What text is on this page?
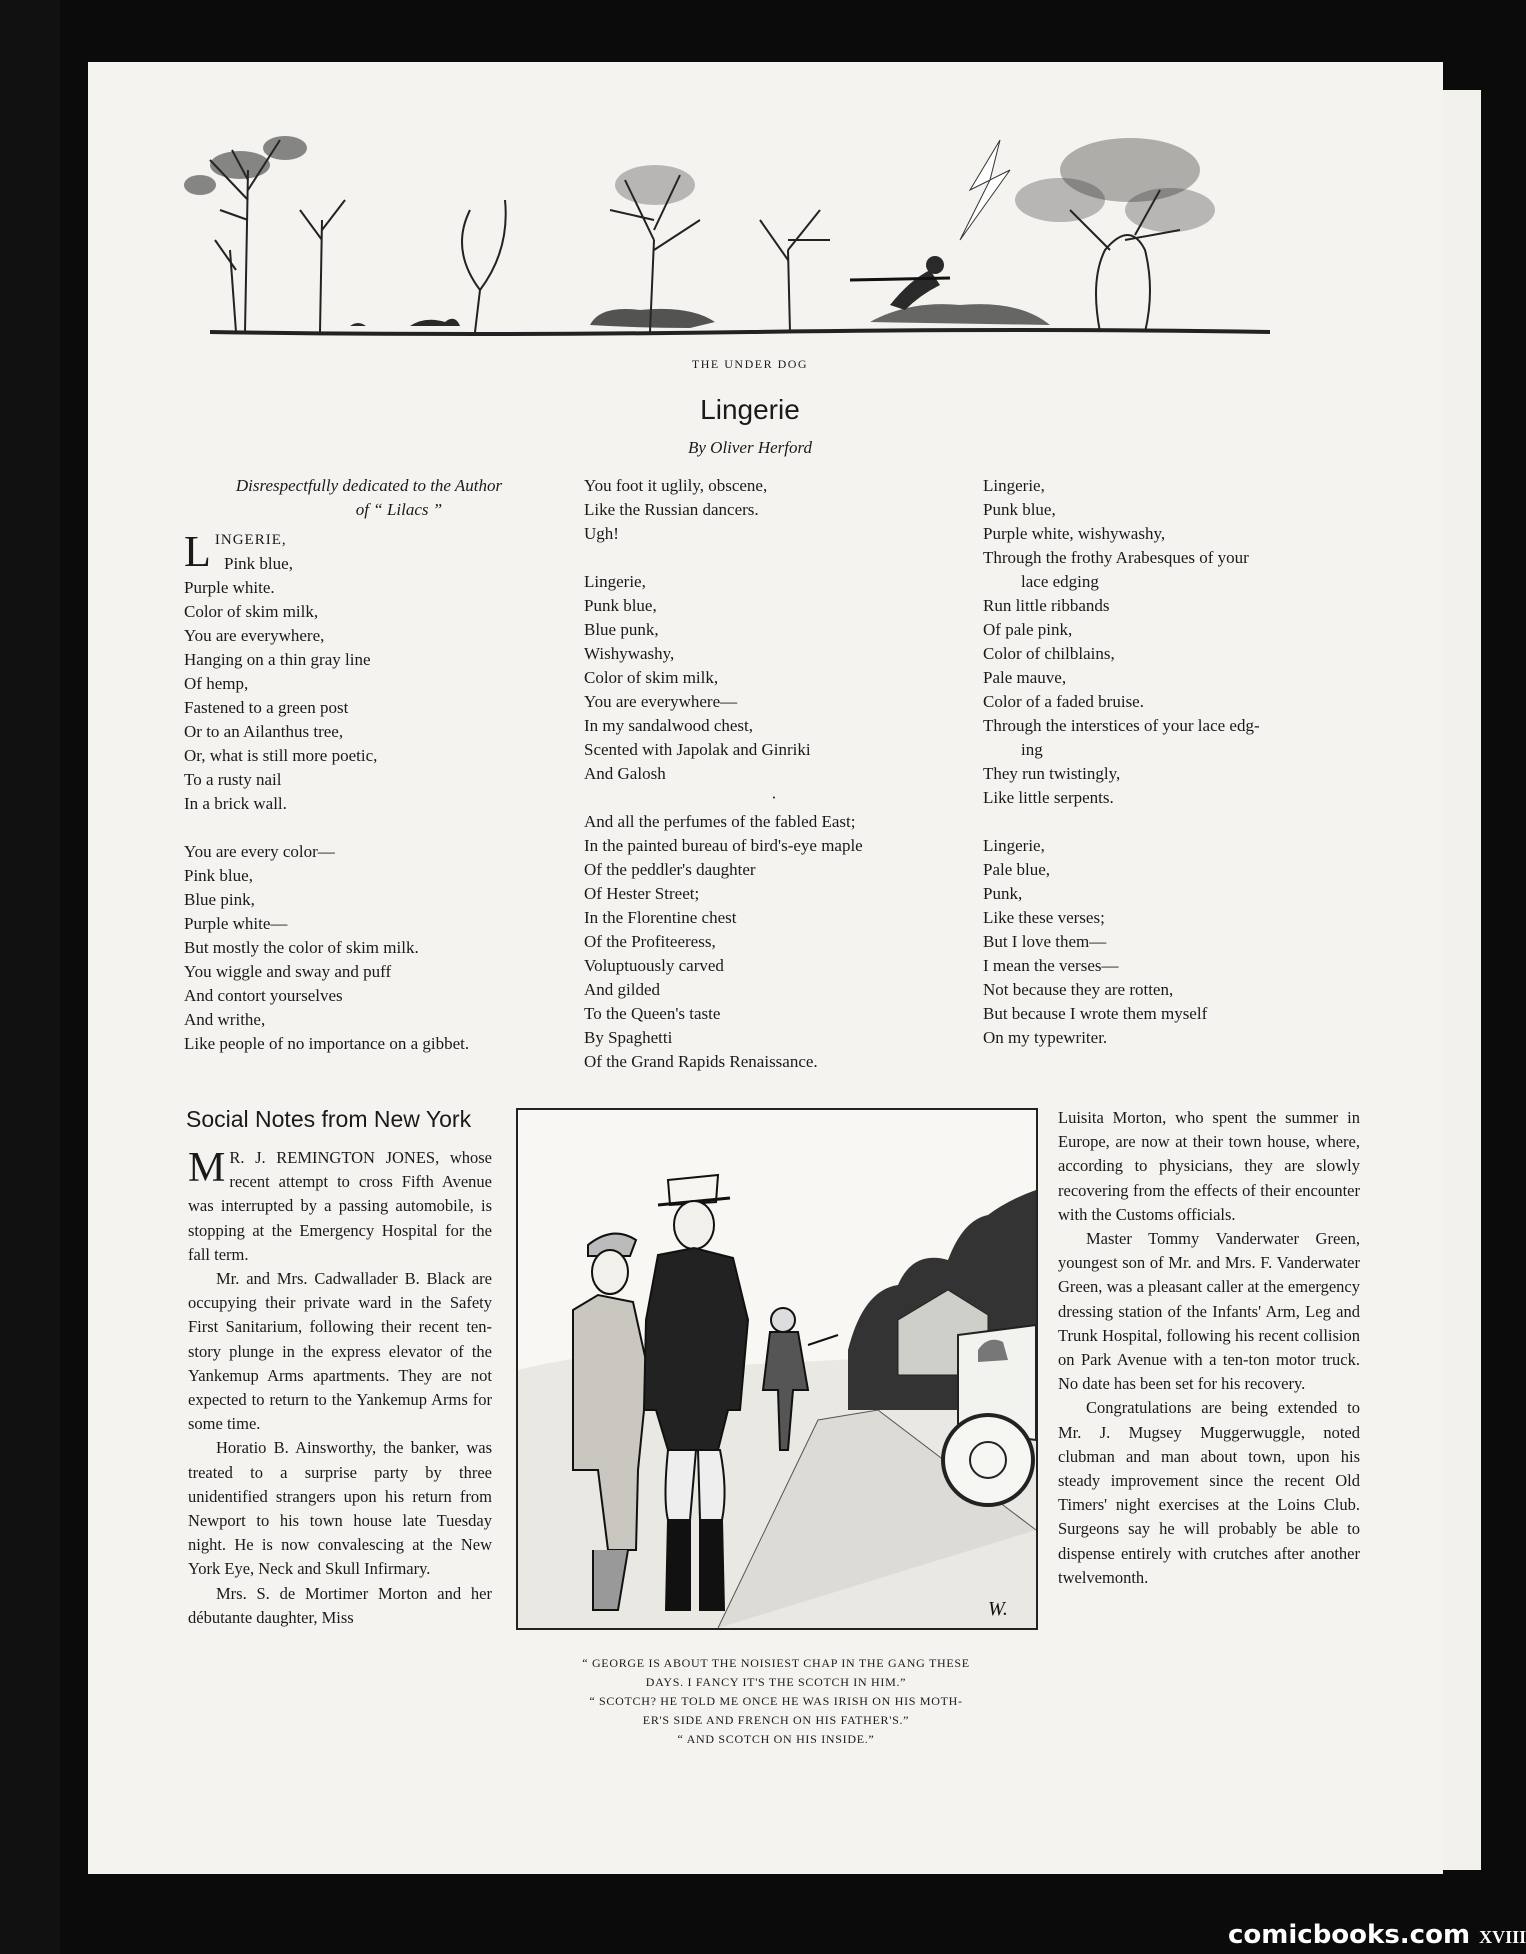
THE UNDER DOG
Lingerie
By Oliver Herford
Disrespectfully dedicated to the Author
of “ Lilacs ”
L INGERIE,
Pink blue,
Purple white.
Color of skim milk,
You are everywhere,
Hanging on a thin gray line
Of hemp,
Fastened to a green post
Or to an Ailanthus tree,
Or, what is still more poetic,
To a rusty nail
In a brick wall.
You are every color—
Pink blue,
Blue pink,
Purple white—
But mostly the color of skim milk.
You wiggle and sway and puff
And contort yourselves
And writhe,
Like people of no importance on a gibbet.
You foot it uglily, obscene,
Like the Russian dancers.
Ugh!
Lingerie,
Punk blue,
Blue punk,
Wishywashy,
Color of skim milk,
You are everywhere—
In my sandalwood chest,
Scented with Japolak and Ginriki
And Galosh
·
And all the perfumes of the fabled East;
In the painted bureau of bird's-eye maple
Of the peddler's daughter
Of Hester Street;
In the Florentine chest
Of the Profiteeress,
Voluptuously carved
And gilded
To the Queen's taste
By Spaghetti
Of the Grand Rapids Renaissance.
Lingerie,
Punk blue,
Purple white, wishywashy,
Through the frothy Arabesques of your
lace edging
Run little ribbands
Of pale pink,
Color of chilblains,
Pale mauve,
Color of a faded bruise.
Through the interstices of your lace edg-
ing
They run twistingly,
Like little serpents.
Lingerie,
Pale blue,
Punk,
Like these verses;
But I love them—
I mean the verses—
Not because they are rotten,
But because I wrote them myself
On my typewriter.
Social Notes from New York

M R. J. REMINGTON JONES, whose recent attempt to cross Fifth Avenue was interrupted by a passing automobile, is stopping at the Emergency Hospital for the fall term.

Mr. and Mrs. Cadwallader B. Black are occupying their private ward in the Safety First Sanitarium, following their recent ten-story plunge in the express elevator of the Yankemup Arms apartments. They are not expected to return to the Yankemup Arms for some time.

Horatio B. Ainsworthy, the banker, was treated to a surprise party by three unidentified strangers upon his return from Newport to his town house late Tuesday night. He is now convalescing at the New York Eye, Neck and Skull Infirmary.

Mrs. S. de Mortimer Morton and her débutante daughter, Miss

Luisita Morton, who spent the summer in Europe, are now at their town house, where, according to physicians, they are slowly recovering from the effects of their encounter with the Customs officials.

Master Tommy Vanderwater Green, youngest son of Mr. and Mrs. F. Vanderwater Green, was a pleasant caller at the emergency dressing station of the Infants' Arm, Leg and Trunk Hospital, following his recent collision on Park Avenue with a ten-ton motor truck. No date has been set for his recovery.

Congratulations are being extended to Mr. J. Mugsey Muggerwuggle, noted clubman and man about town, upon his steady improvement since the recent Old Timers' night exercises at the Loins Club. Surgeons say he will probably be able to dispense entirely with crutches after another twelvemonth.

W.
“ GEORGE IS ABOUT THE NOISIEST CHAP IN THE GANG THESE
DAYS. I FANCY IT'S THE SCOTCH IN HIM.”
“ SCOTCH? HE TOLD ME ONCE HE WAS IRISH ON HIS MOTH-
ER'S SIDE AND FRENCH ON HIS FATHER'S.”
“ AND SCOTCH ON HIS INSIDE.”
comicbooks.com XVIII
